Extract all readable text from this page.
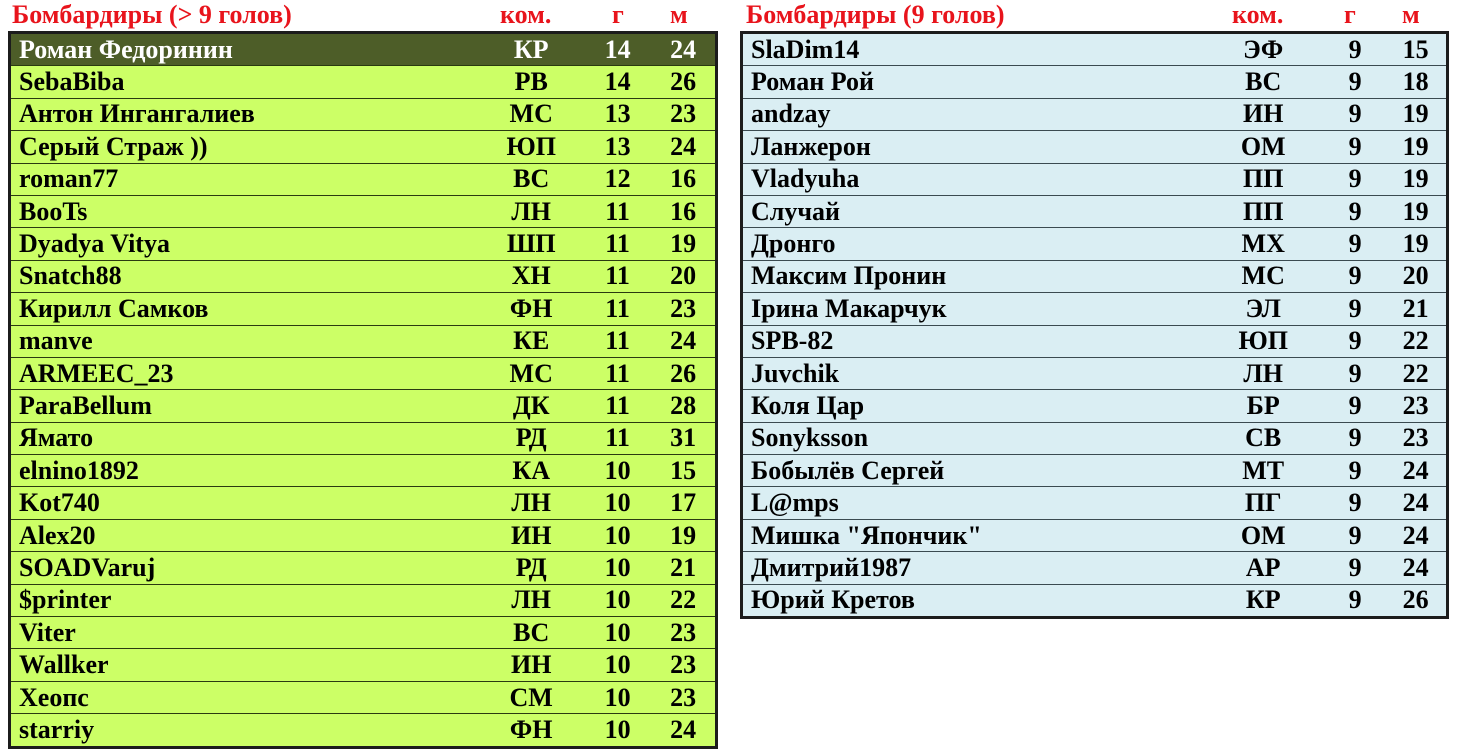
Бомбардиры (> 9 голов)	ком. г м
Роман Федоринин	КР	14	24
SebaBiba	РВ	14	26
Антон Ингангалиев	МС	13	23
Серый Страж ))	ЮП	13	24
roman77	ВС	12	16
BooTs	ЛН	11	16
Dyadya Vitya	ШП	11	19
Snatch88	ХН	11	20
Кирилл Самков	ФН	11	23
manve	КЕ	11	24
ARMEEC_23	МС	11	26
ParaBellum	ДК	11	28
Ямато	РД	11	31
elnino1892	КА	10	15
Kot740	ЛН	10	17
Alex20	ИН	10	19
SOADVaruj	РД	10	21
$printer	ЛН	10	22
Viter	ВС	10	23
Wallker	ИН	10	23
Хеопс	СМ	10	23
starriy	ФН	10	24
Бомбардиры (9 голов)	ком. г м
SlaDim14	ЭФ	9	15
Роман Рой	ВС	9	18
andzay	ИН	9	19
Ланжерон	ОМ	9	19
Vladyuha	ПП	9	19
Случай	ПП	9	19
Дронго	МХ	9	19
Максим Пронин	МС	9	20
Ірина Макарчук	ЭЛ	9	21
SPB-82	ЮП	9	22
Juvchik	ЛН	9	22
Коля Цар	БР	9	23
Sonyksson	СВ	9	23
Бобылёв Сергей	МТ	9	24
L@mps	ПГ	9	24
Мишка "Япончик"	ОМ	9	24
Дмитрий1987	АР	9	24
Юрий Кретов	КР	9	26
